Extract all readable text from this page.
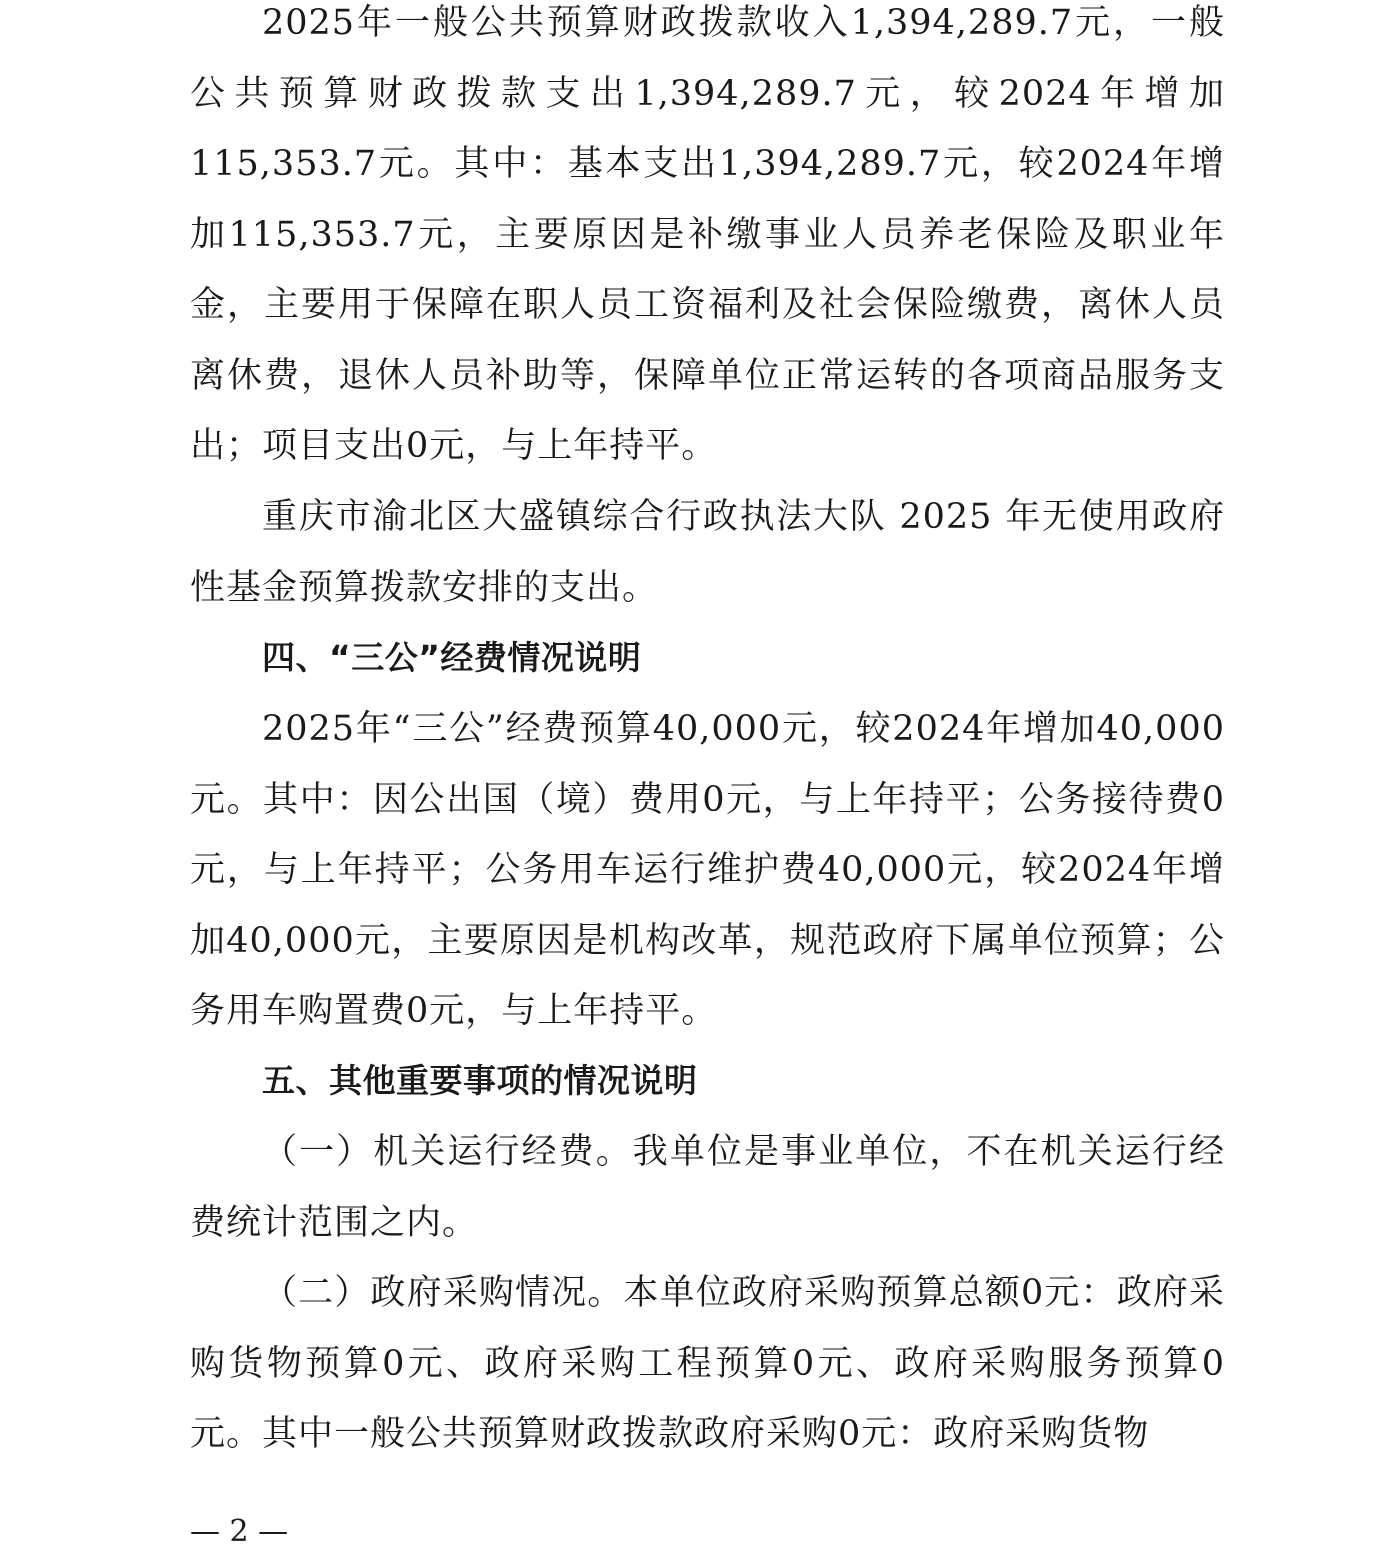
2025年一般公共预算财政拨款收入1,394,289.7元，一般公共预算财政拨款支出1,394,289.7元，较2024年增加115,353.7元。其中：基本支出1,394,289.7元，较2024年增加115,353.7元，主要原因是补缴事业人员养老保险及职业年金，主要用于保障在职人员工资福利及社会保险缴费，离休人员离休费，退休人员补助等，保障单位正常运转的各项商品服务支出；项目支出0元，与上年持平。

重庆市渝北区大盛镇综合行政执法大队 2025 年无使用政府性基金预算拨款安排的支出。

四、“三公”经费情况说明

2025年“三公”经费预算40,000元，较2024年增加40,000元。其中：因公出国（境）费用0元，与上年持平；公务接待费0元，与上年持平；公务用车运行维护费40,000元，较2024年增加40,000元，主要原因是机构改革，规范政府下属单位预算；公务用车购置费0元，与上年持平。

五、其他重要事项的情况说明

（一）机关运行经费。我单位是事业单位，不在机关运行经费统计范围之内。

（二）政府采购情况。本单位政府采购预算总额0元：政府采购货物预算0元、政府采购工程预算0元、政府采购服务预算0元。其中一般公共预算财政拨款政府采购0元：政府采购货物

— 2 —
